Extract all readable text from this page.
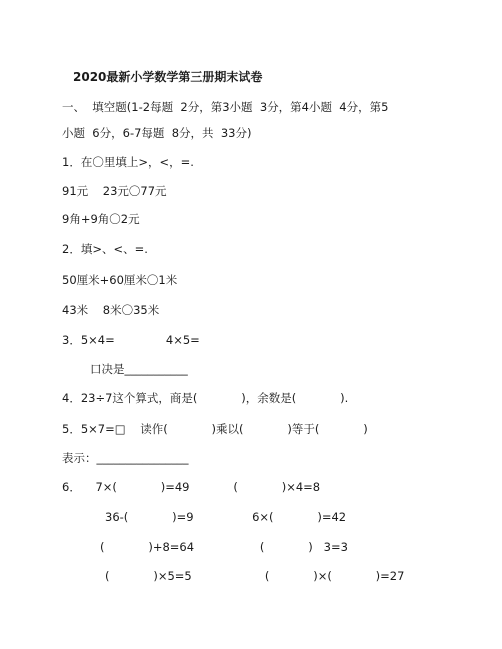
2020最新小学数学第三册期末试卷
一、  填空题(1-2每题  2分，第3小题  3分，第4小题  4分，第5
小题  6分，6-7每题  8分，共  33分)
1．在〇里填上>，<，=.
91元    23元〇77元
9角+9角〇2元
2．填>、<、=.
50厘米+60厘米〇1米
43米    8米〇35米
3．5×4=              4×5=
口决是___________
4．23÷7这个算式，商是(            )，余数是(            ).
5．5×7=□    读作(            )乘以(            )等于(            )
表示：________________
6．    7×(            )=49            (            )×4=8
36-(            )=9                6×(            )=42
(            )+8=64                  (            )   3=3
(            )×5=5                    (            )×(            )=27
